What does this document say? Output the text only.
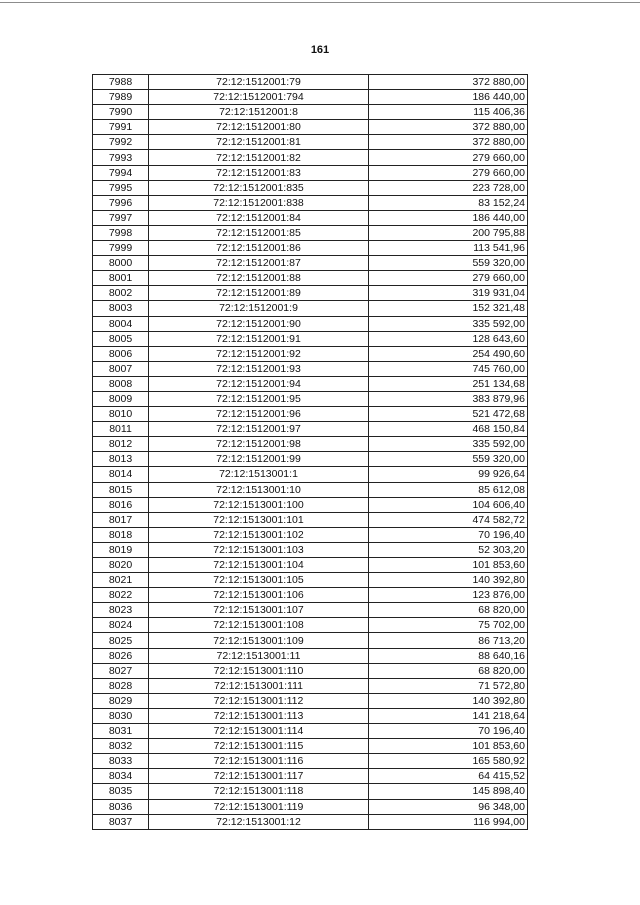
161
7988	72:12:1512001:79	372 880,00
7989	72:12:1512001:794	186 440,00
7990	72:12:1512001:8	115 406,36
7991	72:12:1512001:80	372 880,00
7992	72:12:1512001:81	372 880,00
7993	72:12:1512001:82	279 660,00
7994	72:12:1512001:83	279 660,00
7995	72:12:1512001:835	223 728,00
7996	72:12:1512001:838	83 152,24
7997	72:12:1512001:84	186 440,00
7998	72:12:1512001:85	200 795,88
7999	72:12:1512001:86	113 541,96
8000	72:12:1512001:87	559 320,00
8001	72:12:1512001:88	279 660,00
8002	72:12:1512001:89	319 931,04
8003	72:12:1512001:9	152 321,48
8004	72:12:1512001:90	335 592,00
8005	72:12:1512001:91	128 643,60
8006	72:12:1512001:92	254 490,60
8007	72:12:1512001:93	745 760,00
8008	72:12:1512001:94	251 134,68
8009	72:12:1512001:95	383 879,96
8010	72:12:1512001:96	521 472,68
8011	72:12:1512001:97	468 150,84
8012	72:12:1512001:98	335 592,00
8013	72:12:1512001:99	559 320,00
8014	72:12:1513001:1	99 926,64
8015	72:12:1513001:10	85 612,08
8016	72:12:1513001:100	104 606,40
8017	72:12:1513001:101	474 582,72
8018	72:12:1513001:102	70 196,40
8019	72:12:1513001:103	52 303,20
8020	72:12:1513001:104	101 853,60
8021	72:12:1513001:105	140 392,80
8022	72:12:1513001:106	123 876,00
8023	72:12:1513001:107	68 820,00
8024	72:12:1513001:108	75 702,00
8025	72:12:1513001:109	86 713,20
8026	72:12:1513001:11	88 640,16
8027	72:12:1513001:110	68 820,00
8028	72:12:1513001:111	71 572,80
8029	72:12:1513001:112	140 392,80
8030	72:12:1513001:113	141 218,64
8031	72:12:1513001:114	70 196,40
8032	72:12:1513001:115	101 853,60
8033	72:12:1513001:116	165 580,92
8034	72:12:1513001:117	64 415,52
8035	72:12:1513001:118	145 898,40
8036	72:12:1513001:119	96 348,00
8037	72:12:1513001:12	116 994,00
